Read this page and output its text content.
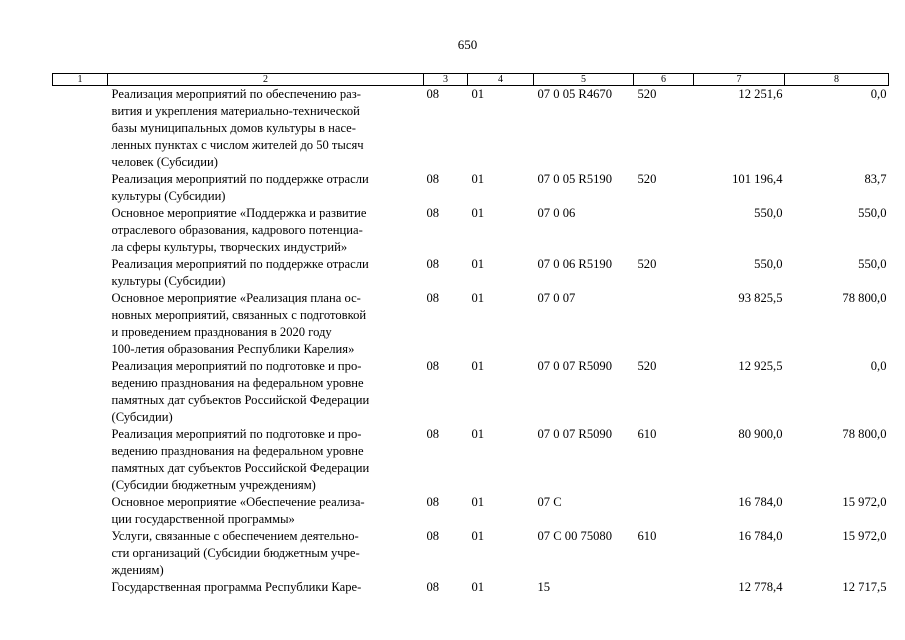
650
1	2	3	4	5	6	7	8

	Реализация мероприятий по обеспечению раз-
вития и укрепления материально-технической
базы муниципальных домов культуры в насе-
ленных пунктах с числом жителей до 50 тысяч
человек (Субсидии)	08	01	07 0 05 R4670	520	12 251,6	0,0

	Реализация мероприятий по поддержке отрасли
культуры (Субсидии)	08	01	07 0 05 R5190	520	101 196,4	83,7

	Основное мероприятие «Поддержка и развитие
отраслевого образования, кадрового потенциа-
ла сферы культуры, творческих индустрий»	08	01	07 0 06		550,0	550,0

	Реализация мероприятий по поддержке отрасли
культуры (Субсидии)	08	01	07 0 06 R5190	520	550,0	550,0

	Основное мероприятие «Реализация плана ос-
новных мероприятий, связанных с подготовкой
и проведением празднования в 2020 году
100-летия образования Республики Карелия»	08	01	07 0 07		93 825,5	78 800,0

	Реализация мероприятий по подготовке и про-
ведению празднования на федеральном уровне
памятных дат субъектов Российской Федерации
(Субсидии)	08	01	07 0 07 R5090	520	12 925,5	0,0

	Реализация мероприятий по подготовке и про-
ведению празднования на федеральном уровне
памятных дат субъектов Российской Федерации
(Субсидии бюджетным учреждениям)	08	01	07 0 07 R5090	610	80 900,0	78 800,0

	Основное мероприятие «Обеспечение реализа-
ции государственной программы»	08	01	07 С		16 784,0	15 972,0

	Услуги, связанные с обеспечением деятельно-
сти организаций (Субсидии бюджетным учре-
ждениям)	08	01	07 С 00 75080	610	16 784,0	15 972,0

	Государственная программа Республики Каре-	08	01	15		12 778,4	12 717,5
